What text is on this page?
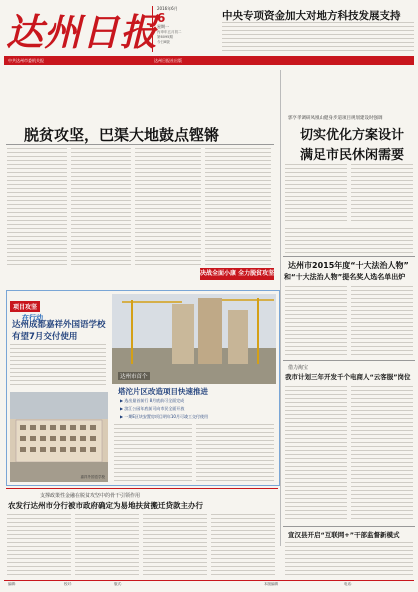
达州日报
2016年6月
6
星期一
丙申年五月初二
第6095期
今日8版
中央专项资金加大对地方科技发展支持
中共达州市委机关报	达州日报社出版
脱贫攻坚，巴渠大地鼓点铿锵
决战全面小康 全力脱贫攻坚
郭亨孝调研凤凰山健身步道项目规划建设时强调
切实优化方案设计
满足市民休闲需要
达州市2015年度“十大法治人物”
和“十大法治人物”提名奖人选名单出炉
借力淘宝
我市计划三年开发千个电商人“云客服”岗位
宣汉县开启“互联网+”干部监督新模式
项目攻坚
在行动
达州成都嘉祥外国语学校
有望7月交付使用
嘉祥外国语学校
达州市首个
塔沱片区改造项目快速推进
▶ 选出最首前行 8月底前可全面完成
▶ 滨江公园年底前可向市民全面开放
▶ 一期E区块安置房项目明年10月可竣工交付使用
支撑政策性金融在脱贫攻坚中的骨干引领作用
农发行达州市分行被市政府确定为易地扶贫搬迁贷款主办行
编辑：	校对：	版式：	本版编辑	电话：
